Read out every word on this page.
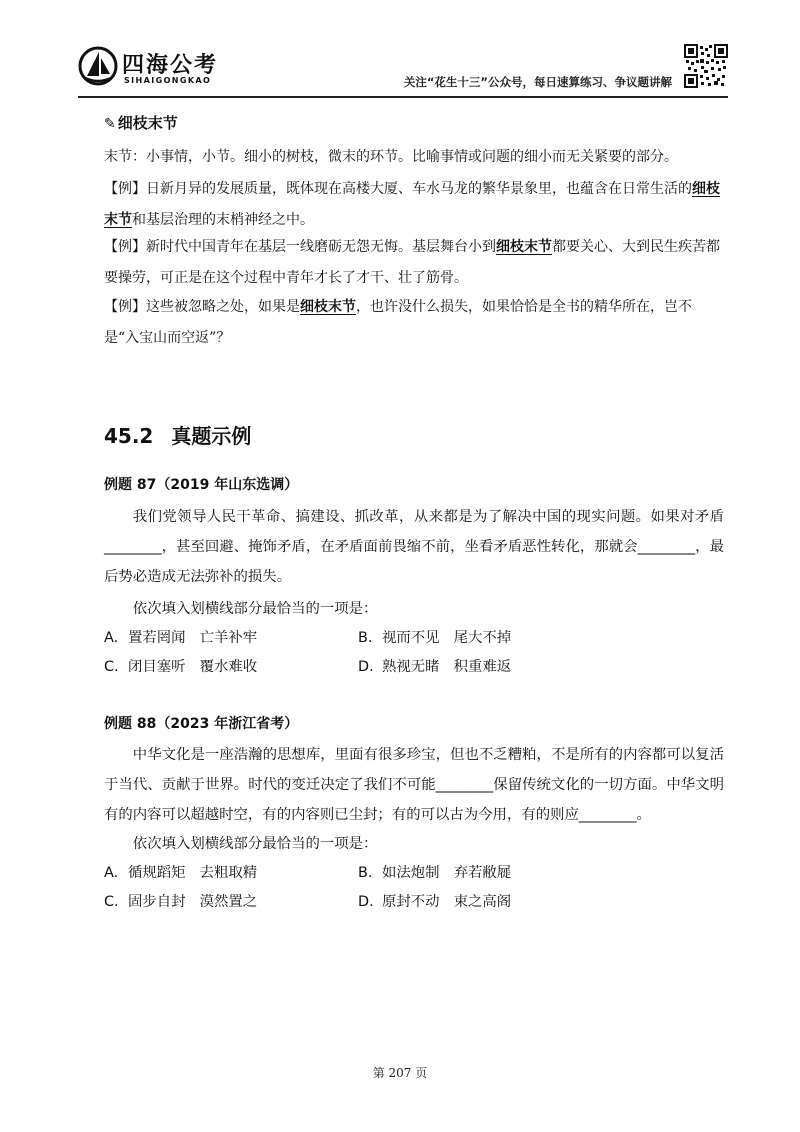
四海公考
SIHAIGONGKAO	关注“花生十三”公众号，每日速算练习、争议题讲解
✎ 细枝末节
末节：小事情，小节。细小的树枝，微末的环节。比喻事情或问题的细小而无关紧要的部分。
【例】日新月异的发展质量，既体现在高楼大厦、车水马龙的繁华景象里，也蕴含在日常生活的细枝末节和基层治理的末梢神经之中。
【例】新时代中国青年在基层一线磨砺无怨无悔。基层舞台小到细枝末节都要关心、大到民生疾苦都要操劳，可正是在这个过程中青年才长了才干、壮了筋骨。
【例】这些被忽略之处，如果是细枝末节，也许没什么损失，如果恰恰是全书的精华所在，岂不是“入宝山而空返”？
45.2 真题示例
例题 87（2019 年山东选调）
我们党领导人民干革命、搞建设、抓改革，从来都是为了解决中国的现实问题。如果对矛盾________，甚至回避、掩饰矛盾，在矛盾面前畏缩不前，坐看矛盾恶性转化，那就会________，最后势必造成无法弥补的损失。
依次填入划横线部分最恰当的一项是：
A. 置若罔闻 亡羊补牢	B. 视而不见 尾大不掉
C. 闭目塞听 覆水难收	D. 熟视无睹 积重难返
例题 88（2023 年浙江省考）
中华文化是一座浩瀚的思想库，里面有很多珍宝，但也不乏糟粕，不是所有的内容都可以复活于当代、贡献于世界。时代的变迁决定了我们不可能________保留传统文化的一切方面。中华文明有的内容可以超越时空，有的内容则已尘封；有的可以古为今用，有的则应________。
依次填入划横线部分最恰当的一项是：
A. 循规蹈矩 去粗取精	B. 如法炮制 弃若敝屣
C. 固步自封 漠然置之	D. 原封不动 束之高阁
第 207 页
